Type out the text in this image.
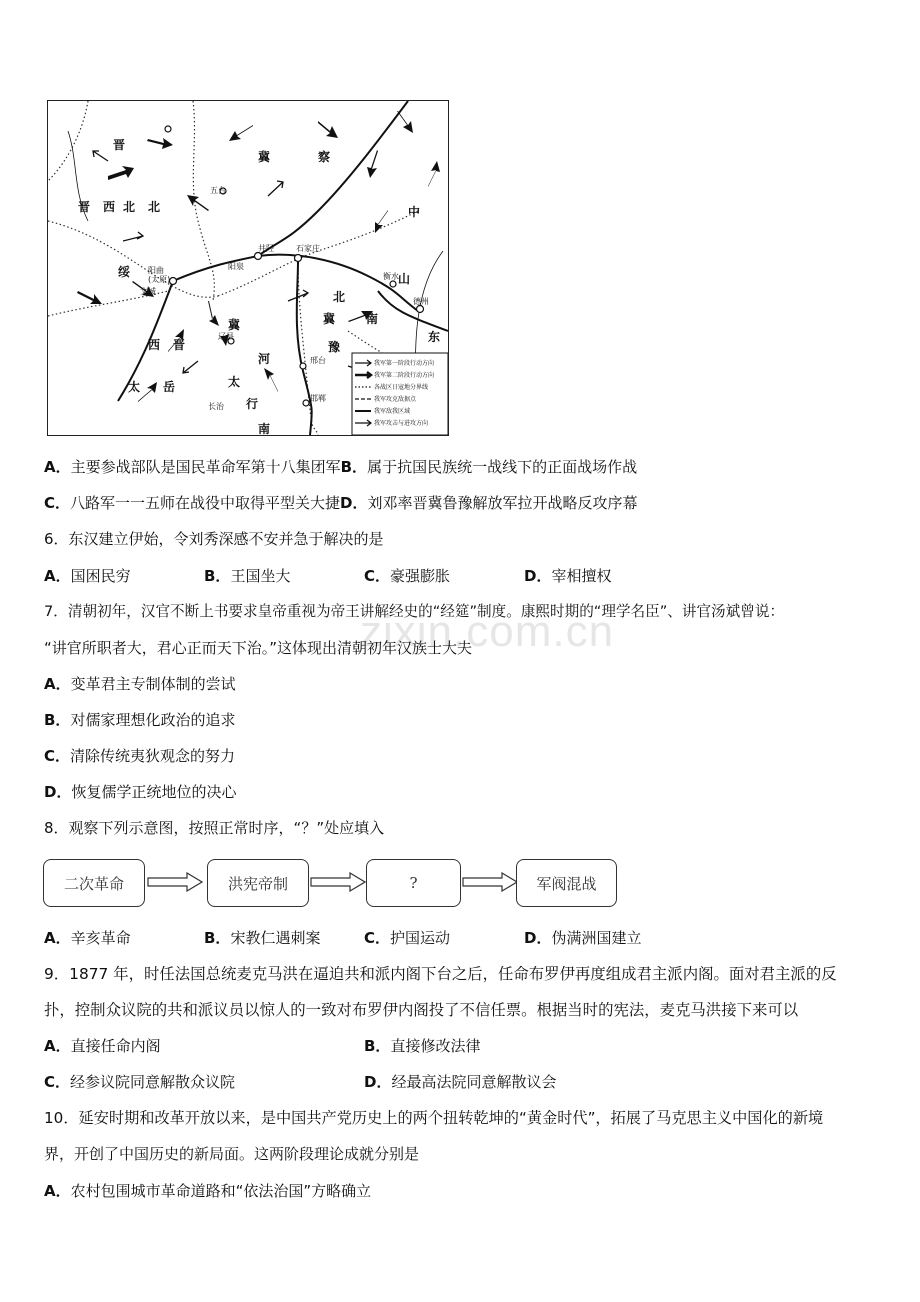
zixin.com.cn
晋
北
察
冀
中
晋 西 北
五台
阳曲
(太原)
文城
绥
西 晋
太 岳
冀
河
太
行
南
冀
豫
北
南
山
东
石家庄
井陉
阳泉
衡水
德州
邢台
邯郸
辽县
长治
我军第一阶段行动方向
我军第二阶段行动方向
各战区日寇地分界线
我军攻克敌据点
我军敌我区域
我军攻击与进攻方向
A．主要参战部队是国民革命军第十八集团军B．属于抗国民族统一战线下的正面战场作战
C．八路军一一五师在战役中取得平型关大捷D．刘邓率晋冀鲁豫解放军拉开战略反攻序幕
6．东汉建立伊始，令刘秀深感不安并急于解决的是
A．国困民穷	B．王国坐大	C．豪强膨胀	D．宰相擅权
7．清朝初年，汉官不断上书要求皇帝重视为帝王讲解经史的“经筵”制度。康熙时期的“理学名臣”、讲官汤斌曾说：
“讲官所职者大，君心正而天下治。”这体现出清朝初年汉族士大夫
A．变革君主专制体制的尝试
B．对儒家理想化政治的追求
C．清除传统夷狄观念的努力
D．恢复儒学正统地位的决心
8．观察下列示意图，按照正常时序，“？”处应填入
二次革命	洪宪帝制	?	军阀混战
A．辛亥革命	B．宋教仁遇刺案	C．护国运动	D．伪满洲国建立
9．1877 年，时任法国总统麦克马洪在逼迫共和派内阁下台之后，任命布罗伊再度组成君主派内阁。面对君主派的反
扑，控制众议院的共和派议员以惊人的一致对布罗伊内阁投了不信任票。根据当时的宪法，麦克马洪接下来可以
A．直接任命内阁	B．直接修改法律
C．经参议院同意解散众议院	D．经最高法院同意解散议会
10．延安时期和改革开放以来，是中国共产党历史上的两个扭转乾坤的“黄金时代”，拓展了马克思主义中国化的新境
界，开创了中国历史的新局面。这两阶段理论成就分别是
A．农村包围城市革命道路和“依法治国”方略确立
